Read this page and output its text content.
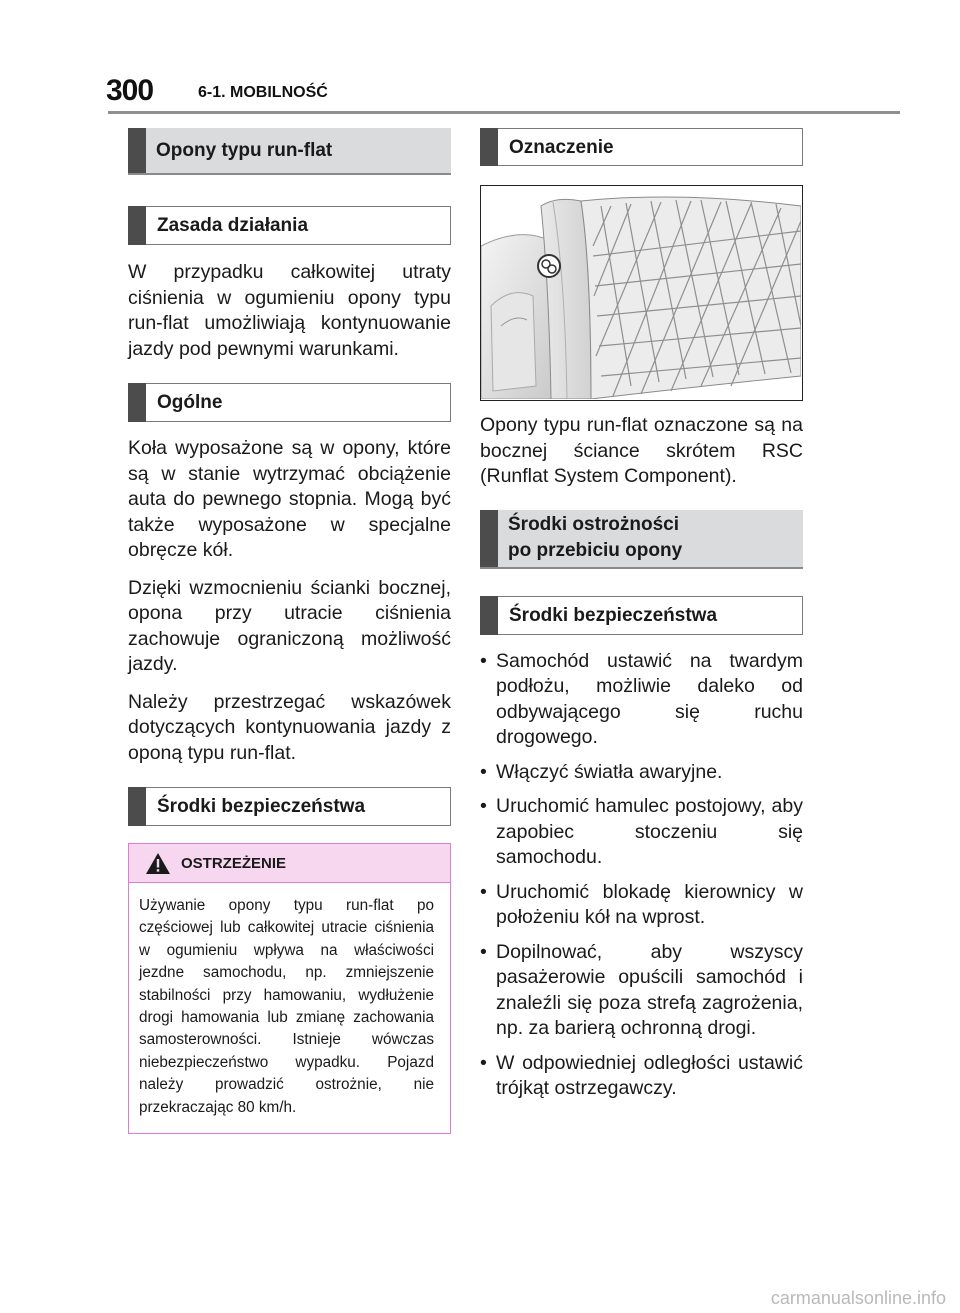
300	6-1. MOBILNOŚĆ
Opony typu run-flat
Zasada działania

W przypadku całkowitej utraty ciśnienia w ogumieniu opony typu run-flat umożliwiają kontynuowanie jazdy pod pewnymi warunkami.

Ogólne

Koła wyposażone są w opony, które są w stanie wytrzymać obciążenie auta do pewnego stopnia. Mogą być także wyposażone w specjalne obręcze kół.

Dzięki wzmocnieniu ścianki bocznej, opona przy utracie ciśnienia zachowuje ograniczoną możliwość jazdy.

Należy przestrzegać wskazówek dotyczących kontynuowania jazdy z oponą typu run-flat.

Środki bezpieczeństwa
OSTRZEŻENIE
Używanie opony typu run-flat po częściowej lub całkowitej utracie ciśnienia w ogumieniu wpływa na właściwości jezdne samochodu, np. zmniejszenie stabilności przy hamowaniu, wydłużenie drogi hamowania lub zmianę zachowania samosterowności. Istnieje wówczas niebezpieczeństwo wypadku. Pojazd należy prowadzić ostrożnie, nie przekraczając 80 km/h.
Oznaczenie

Opony typu run-flat oznaczone są na bocznej ściance skrótem RSC (Runflat System Component).

Środki ostrożności po przebiciu opony
Środki bezpieczeństwa
• Samochód ustawić na twardym podłożu, możliwie daleko od odbywającego się ruchu drogowego.
• Włączyć światła awaryjne.
• Uruchomić hamulec postojowy, aby zapobiec stoczeniu się samochodu.
• Uruchomić blokadę kierownicy w położeniu kół na wprost.
• Dopilnować, aby wszyscy pasażerowie opuścili samochód i znaleźli się poza strefą zagrożenia, np. za barierą ochronną drogi.
• W odpowiedniej odległości ustawić trójkąt ostrzegawczy.
carmanualsonline.info
